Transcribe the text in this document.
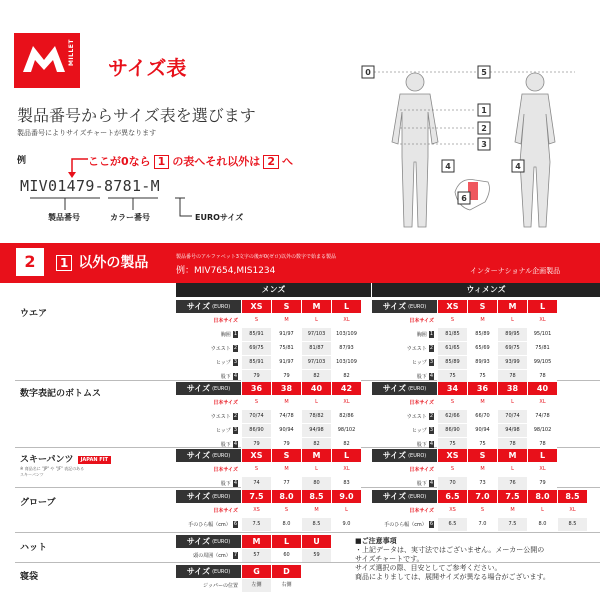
MILLET
サイズ表
製品番号からサイズ表を選びます
製品番号によりサイズチャートが異なります
例	ここが0なら 1 の表へそれ以外は 2 へ
MIV01479-8781-M
製品番号	カラー番号	EUROサイズ
0	5
1
2
3
4	4
6
2	1 以外の製品	製品番号のアルファベット3文字の後が0(ゼロ)以外の数字で始まる製品
例：MIV7654,MIS1234	インターナショナル企画製品
メンズ	ウィメンズ
ウエア
数字表記のボトムス
スキーパンツ JAPAN FIT
※ 商品名に "JP" や "JF" 表記のある
スキーパンツ
グローブ
ハット
寝袋
サイズ (EURO)	XS	S	M	L
日本サイズ	S	M	L	XL
胸囲 1	85/91	91/97	97/103	103/109
ウエスト 2	69/75	75/81	81/87	87/93
ヒップ 3	85/91	91/97	97/103	103/109
股下 4	79	79	82	82
サイズ (EURO)	XS	S	M	L
日本サイズ	S	M	L	XL
胸囲 1	81/85	85/89	89/95	95/101
ウエスト 2	61/65	65/69	69/75	75/81
ヒップ 3	85/89	89/93	93/99	99/105
股下 4	75	75	78	78
サイズ (EURO)	36	38	40	42
日本サイズ	S	M	L	XL
ウエスト 2	70/74	74/78	78/82	82/86
ヒップ 3	86/90	90/94	94/98	98/102
股下 4	79	79	82	82
サイズ (EURO)	34	36	38	40
日本サイズ	S	M	L	XL
ウエスト 2	62/66	66/70	70/74	74/78
ヒップ 3	86/90	90/94	94/98	98/102
股下 4	75	75	78	78
サイズ (EURO)	XS	S	M	L
日本サイズ	S	M	L	XL
股下 4	74	77	80	83
サイズ (EURO)	XS	S	M	L
日本サイズ	S	M	L	XL
股下 4	70	73	76	79
サイズ (EURO)	7.5	8.0	8.5	9.0
日本サイズ	XS	S	M	L
手のひら幅（cm） 6	7.5	8.0	8.5	9.0
サイズ (EURO)	6.5	7.0	7.5	8.0	8.5
日本サイズ	XS	S	M	L	XL
手のひら幅（cm） 6	6.5	7.0	7.5	8.0	8.5
サイズ (EURO)	M	L	U
頭の周囲（cm） 7	57	60	59
サイズ (EURO)	G	D
ジッパーの位置	左側	右側
■ご注意事項
・上記データは、実寸法ではございません。メーカー公開の
サイズチャートです。
サイズ選択の際、目安としてご参考ください。
商品によりましては、展開サイズが異なる場合がございます。
